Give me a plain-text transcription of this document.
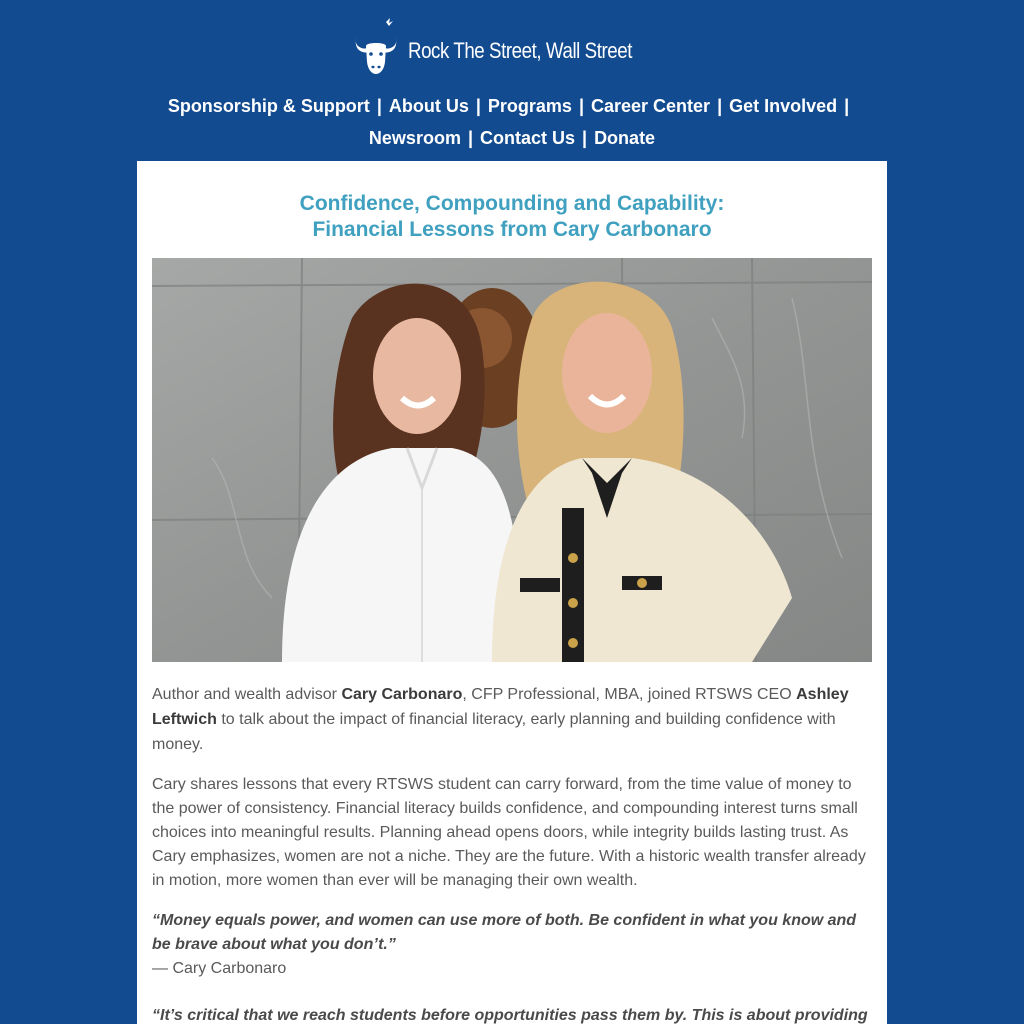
Rock The Street, Wall Street
Sponsorship & Support | About Us | Programs | Career Center | Get Involved |
Newsroom | Contact Us | Donate
Confidence, Compounding and Capability:
Financial Lessons from Cary Carbonaro
Author and wealth advisor Cary Carbonaro, CFP Professional, MBA, joined RTSWS CEO Ashley Leftwich to talk about the impact of financial literacy, early planning and building confidence with money.
Cary shares lessons that every RTSWS student can carry forward, from the time value of money to the power of consistency. Financial literacy builds confidence, and compounding interest turns small choices into meaningful results. Planning ahead opens doors, while integrity builds lasting trust. As Cary emphasizes, women are not a niche. They are the future. With a historic wealth transfer already in motion, more women than ever will be managing their own wealth.
“Money equals power, and women can use more of both. Be confident in what you know and be brave about what you don’t.”
— Cary Carbonaro
“It’s critical that we reach students before opportunities pass them by. This is about providing
